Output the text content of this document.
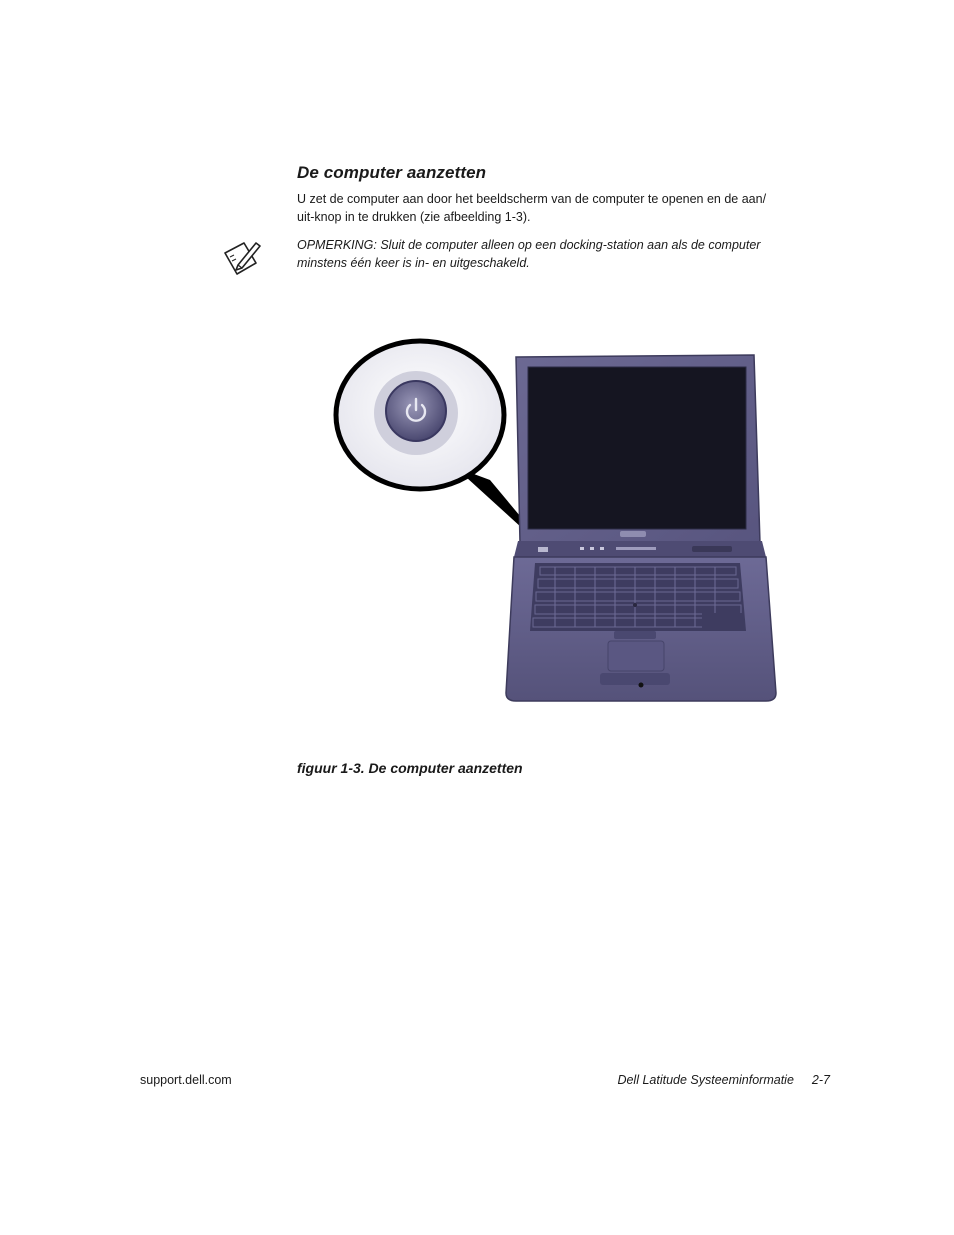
De computer aanzetten

U zet de computer aan door het beeldscherm van de computer te openen en de aan/
uit-knop in te drukken (zie afbeelding 1-3).

OPMERKING: Sluit de computer alleen op een docking-station aan als de computer
minstens één keer is in- en uitgeschakeld.

figuur 1-3. De computer aanzetten

support.dell.com	Dell Latitude Systeeminformatie 2-7
